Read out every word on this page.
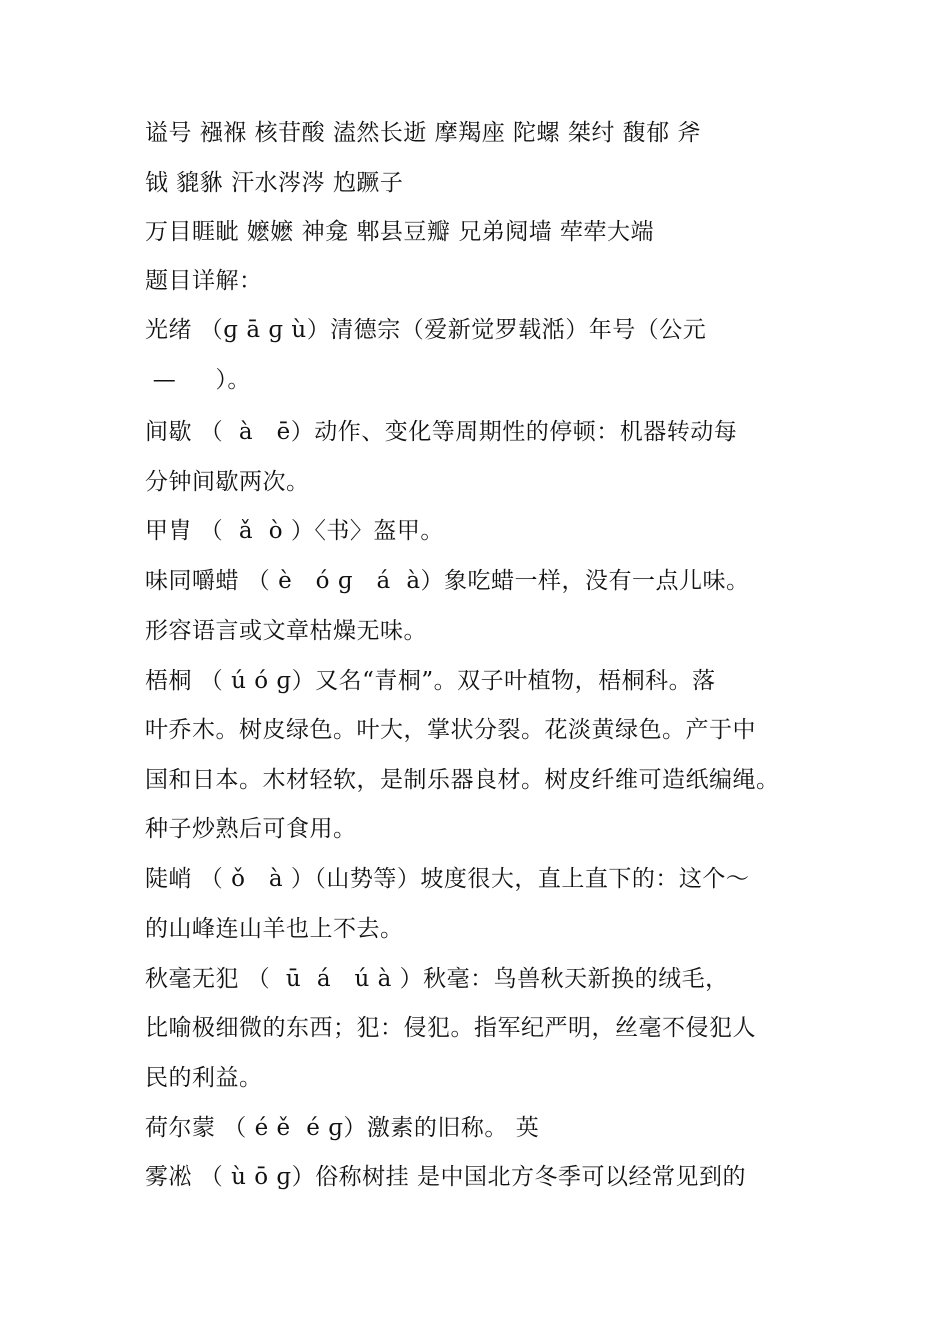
谥号 襁褓 核苷酸 溘然长逝 摩羯座 陀螺 桀纣 馥郁 斧
钺 貔貅 汗水涔涔 尥蹶子
万目睚眦 嬷嬷 神龛 郫县豆瓣 兄弟阋墙 荦荦大端
题目详解：
光绪 （ɡ ā ɡ ù）清德宗（爱新觉罗载湉）年号（公元
—     ）。
间歇 （  à   ē）动作、变化等周期性的停顿：机器转动每
分钟间歇两次。
甲胄 （  ǎ  ò ）〈书〉盔甲。
味同嚼蜡 （ è   ó ɡ   á  à）象吃蜡一样，没有一点儿味。
形容语言或文章枯燥无味。
梧桐 （ ú ó ɡ）又名“青桐”。双子叶植物，梧桐科。落
叶乔木。树皮绿色。叶大，掌状分裂。花淡黄绿色。产于中
国和日本。木材轻软，是制乐器良材。树皮纤维可造纸编绳。
种子炒熟后可食用。
陡峭 （ ǒ   à ）（山势等）坡度很大，直上直下的：这个～
的山峰连山羊也上不去。
秋毫无犯 （  ū  á   ú à ）秋毫：鸟兽秋天新换的绒毛，
比喻极细微的东西；犯：侵犯。指军纪严明，丝毫不侵犯人
民的利益。
荷尔蒙 （ é ě  é ɡ）激素的旧称。 英
雾凇 （ ù ō ɡ）俗称树挂 是中国北方冬季可以经常见到的
